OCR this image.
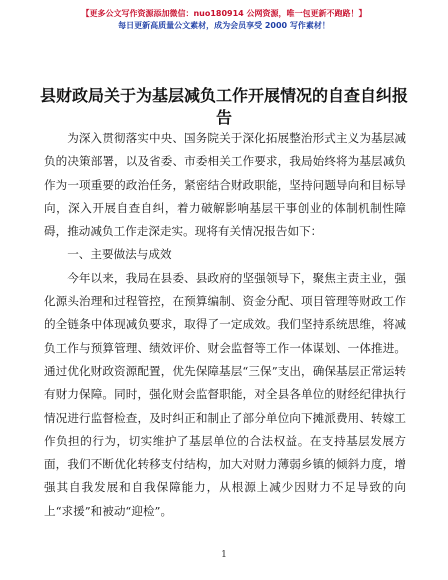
【更多公文写作资源添加微信：nuo180914 公网资源，唯一包更新不跑路！】
每日更新高质量公文素材，成为会员享受 2000 写作素材！
县财政局关于为基层减负工作开展情况的自查自纠报告

为深入贯彻落实中央、国务院关于深化拓展整治形式主义为基层减负的决策部署，以及省委、市委相关工作要求，我局始终将为基层减负作为一项重要的政治任务，紧密结合财政职能，坚持问题导向和目标导向，深入开展自查自纠，着力破解影响基层干事创业的体制机制性障碍，推动减负工作走深走实。现将有关情况报告如下：

一、主要做法与成效

今年以来，我局在县委、县政府的坚强领导下，聚焦主责主业，强化源头治理和过程管控，在预算编制、资金分配、项目管理等财政工作的全链条中体现减负要求，取得了一定成效。我们坚持系统思维，将减负工作与预算管理、绩效评价、财会监督等工作一体谋划、一体推进。通过优化财政资源配置，优先保障基层“三保”支出，确保基层正常运转有财力保障。同时，强化财会监督职能，对全县各单位的财经纪律执行情况进行监督检查，及时纠正和制止了部分单位向下摊派费用、转嫁工作负担的行为，切实维护了基层单位的合法权益。在支持基层发展方面，我们不断优化转移支付结构，加大对财力薄弱乡镇的倾斜力度，增强其自我发展和自我保障能力，从根源上减少因财力不足导致的向上“求援”和被动“迎检”。

1
